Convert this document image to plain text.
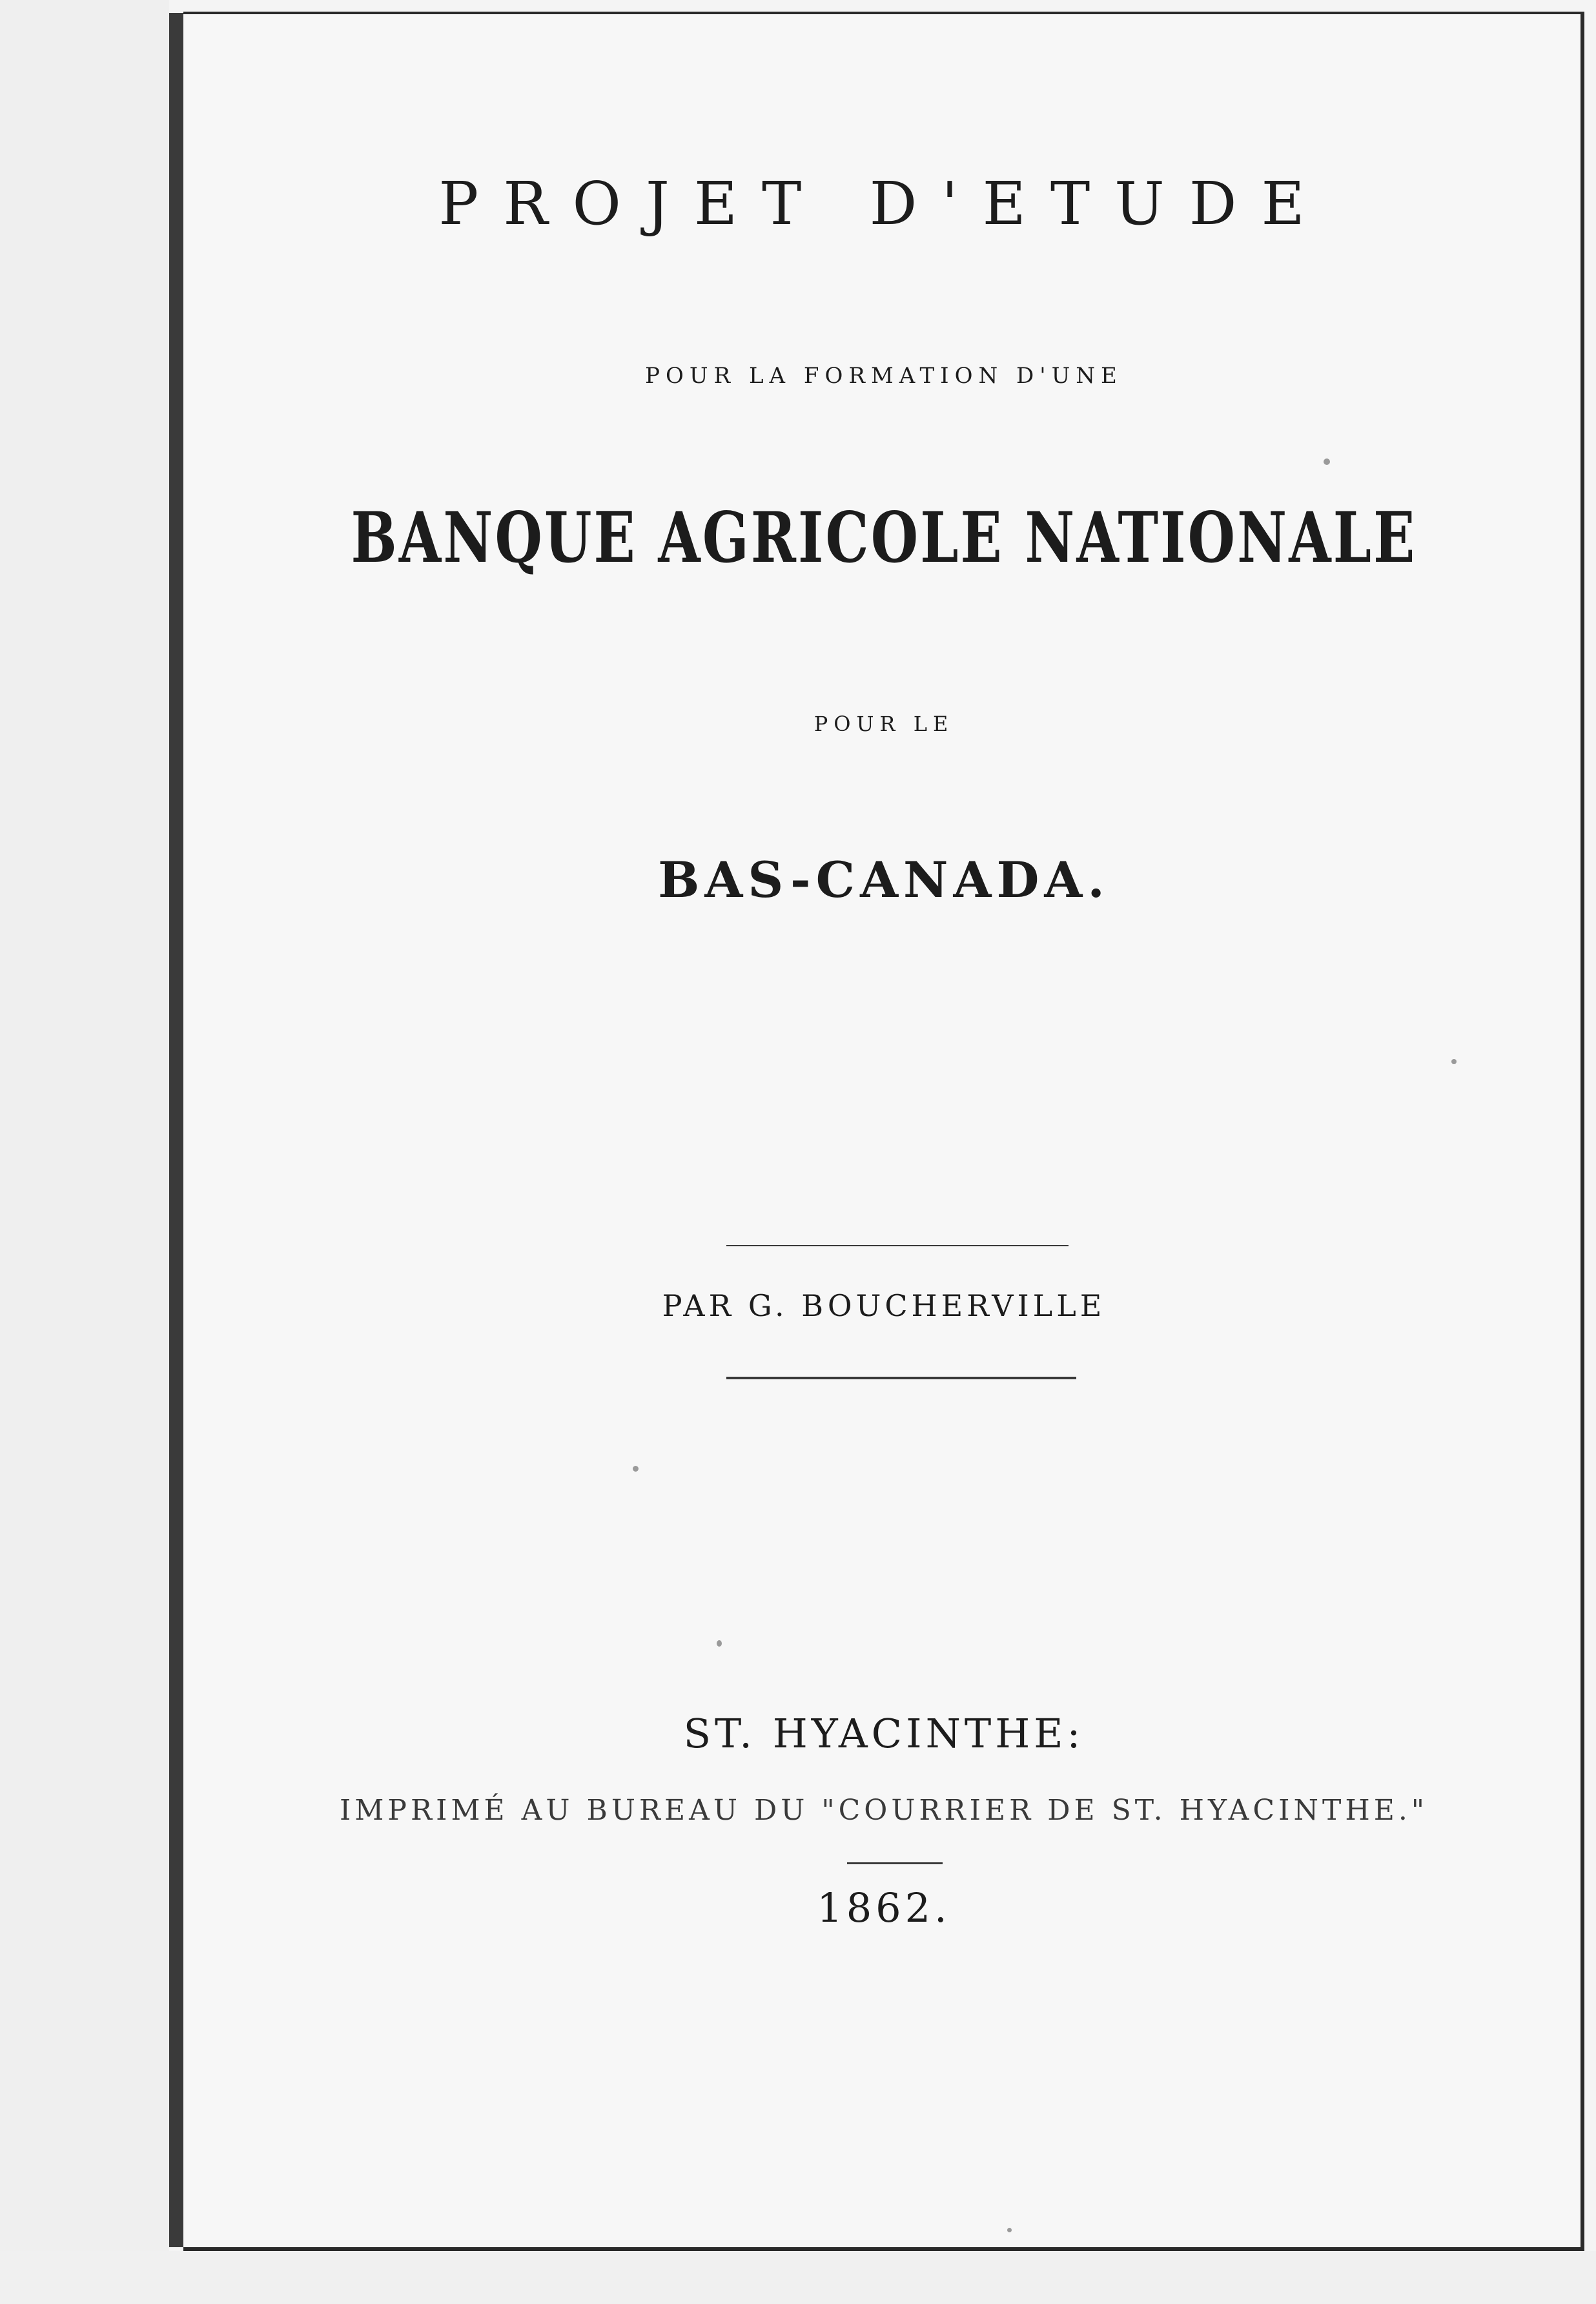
PROJET D'ETUDE

POUR LA FORMATION D'UNE

BANQUE AGRICOLE NATIONALE

POUR LE

BAS-CANADA.

PAR G. BOUCHERVILLE

ST. HYACINTHE:

IMPRIMÉ AU BUREAU DU "COURRIER DE ST. HYACINTHE."

1862.
